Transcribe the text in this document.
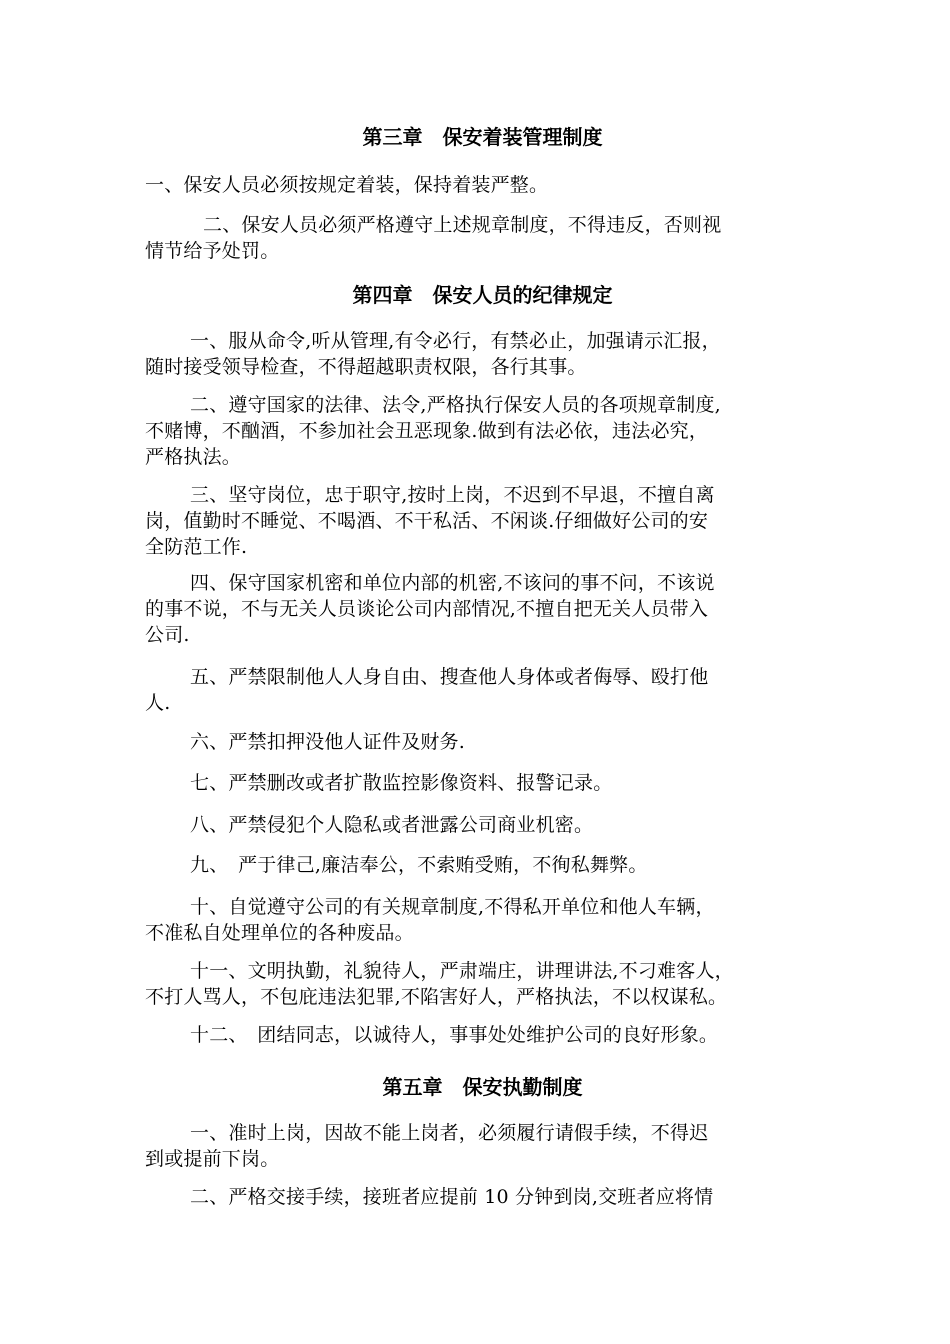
第三章　保安着装管理制度

一、保安人员必须按规定着装，保持着装严整。

二、保安人员必须严格遵守上述规章制度，不得违反，否则视
情节给予处罚。

第四章　保安人员的纪律规定

一、服从命令,听从管理,有令必行，有禁必止，加强请示汇报，
随时接受领导检查，不得超越职责权限，各行其事。

二、遵守国家的法律、法令,严格执行保安人员的各项规章制度,
不赌博，不酗酒，不参加社会丑恶现象.做到有法必依，违法必究，
严格执法。

三、坚守岗位，忠于职守,按时上岗，不迟到不早退，不擅自离
岗，值勤时不睡觉、不喝酒、不干私活、不闲谈.仔细做好公司的安
全防范工作.

四、保守国家机密和单位内部的机密,不该问的事不问，不该说
的事不说，不与无关人员谈论公司内部情况,不擅自把无关人员带入
公司.

五、严禁限制他人人身自由、搜查他人身体或者侮辱、殴打他
人.

六、严禁扣押没他人证件及财务.

七、严禁删改或者扩散监控影像资料、报警记录。

八、严禁侵犯个人隐私或者泄露公司商业机密。

九、　严于律己,廉洁奉公，不索贿受贿，不徇私舞弊。

十、自觉遵守公司的有关规章制度,不得私开单位和他人车辆，
不准私自处理单位的各种废品。

十一、文明执勤，礼貌待人，严肃端庄，讲理讲法,不刁难客人，
不打人骂人，不包庇违法犯罪,不陷害好人，严格执法，不以权谋私。

十二、　团结同志，以诚待人，事事处处维护公司的良好形象。

第五章　保安执勤制度

一、准时上岗，因故不能上岗者，必须履行请假手续，不得迟
到或提前下岗。

二、严格交接手续，接班者应提前 10 分钟到岗,交班者应将情
